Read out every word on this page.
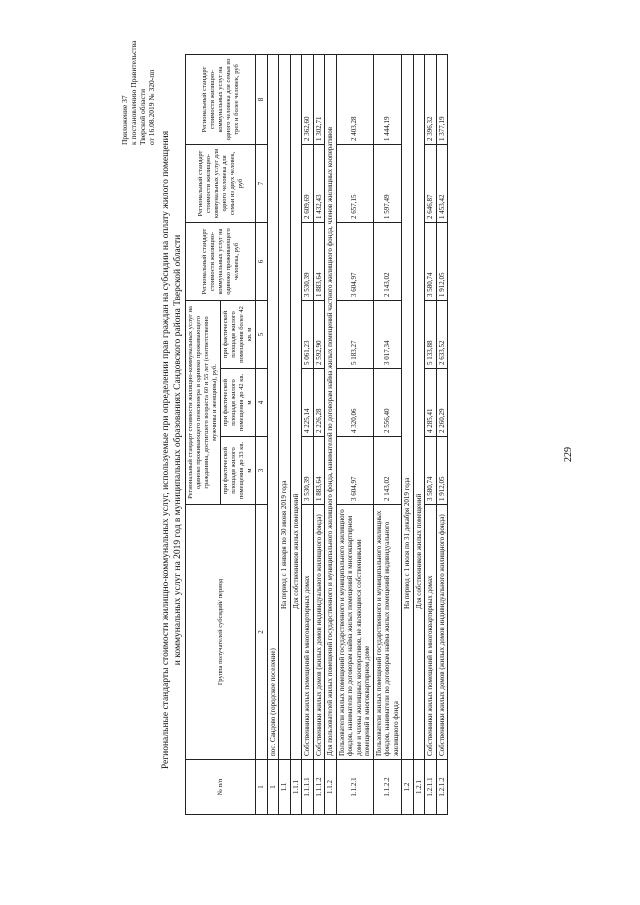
229
Приложение 37 к постановлению Правительства Тверской области от 16.08.2019 № 320-пп
Региональные стандарты стоимости жилищно-коммунальных услуг, используемые при определении прав граждан на субсидии на оплату жилого помещения и коммунальных услуг на 2019 год в муниципальных образованиях Сандовского района Тверской области
№ п/п	Группа получателей субсидий/ период	Региональный стандарт стоимости жилищно-коммунальных услуг на одиноко проживающего пенсионера и одиноко проживающего гражданина, достигшего возраста 60 и 55 лет (соответственно мужчины и женщины), руб.			Региональный стандарт стоимости жилищно-коммунальных услуг на одиноко проживающего человека, руб	Региональный стандарт стоимости жилищно-коммунальных услуг для одного человека для семьи из двух человек, руб	Региональный стандарт стоимости жилищно-коммунальных услуг на одного человека для семьи из трех и более человек, руб
		при фактической площади жилого помещения до 33 кв. м	при фактической площади жилого помещения до 42 кв. м	при фактической площади жилого помещения более 42 кв. м			
1	2	3	4	5	6	7	8
1	пос. Сандово (городское поселение)						
1.1	На период с 1 января по 30 июня 2019 года						
1.1.1	Для собственников жилых помещений						
1.1.1.1	Собственники жилых помещений в многоквартирных домах	3 530,39	4 225,14	5 061,23	3 530,39	2 609,69	2 362,60
1.1.1.2	Собственники жилых домов (жилых домов индивидуального жилищного фонда)	1 883,64	2 226,28	2 592,90	1 883,64	1 432,43	1 302,71
1.1.2	Для пользователей жилых помещений государственного и муниципального жилищного фонда, нанимателей по договорам найма жилых помещений частного жилищного фонда, членов жилищных кооперативов						
1.1.2.1	Пользователи жилых помещений государственного и муниципального жилищного фондов, наниматели по договорам найма жилых помещений в многоквартирном доме и члены жилищных кооперативов, не являющиеся собственниками помещений в многоквартирном доме	3 604,97	4 320,06	5 183,27	3 604,97	2 657,15	2 403,28
1.1.2.2	Пользователи жилых помещений государственного и муниципального жилищных фондов, наниматели по договорам найма жилых помещений индивидуального жилищного фонда	2 143,02	2 556,40	3 017,34	2 143,02	1 597,49	1 444,19
1.2	На период с 1 июля по 31 декабря 2019 года						
1.2.1	Для собственников жилых помещений						
1.2.1.1	Собственники жилых помещений в многоквартирных домах	3 580,74	4 285,41	5 133,88	3 580,74	2 646,87	2 396,32
1.2.1.2	Собственники жилых домов (жилых домов индивидуального жилищного фонда)	1 912,05	2 260,29	2 633,52	1 912,05	1 453,42	1 377,19
